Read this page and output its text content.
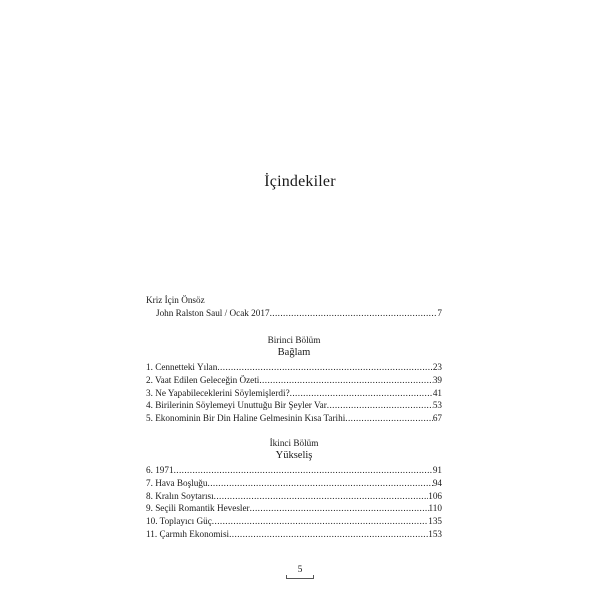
İçindekiler
Kriz İçin Önsöz
John Ralston Saul / Ocak 2017 .....	7
Birinci Bölüm
Bağlam
1. Cennetteki Yılan .....	23
2. Vaat Edilen Geleceğin Özeti .....	39
3. Ne Yapabileceklerini Söylemişlerdi? .....	41
4. Birilerinin Söylemeyi Unuttuğu Bir Şeyler Var .....	53
5. Ekonominin Bir Din Haline Gelmesinin Kısa Tarihi .....	67
İkinci Bölüm
Yükseliş
6. 1971 .....	91
7. Hava Boşluğu .....	94
8. Kralın Soytarısı .....	106
9. Seçili Romantik Hevesler .....	110
10. Toplayıcı Güç .....	135
11. Çarmıh Ekonomisi .....	153
5
